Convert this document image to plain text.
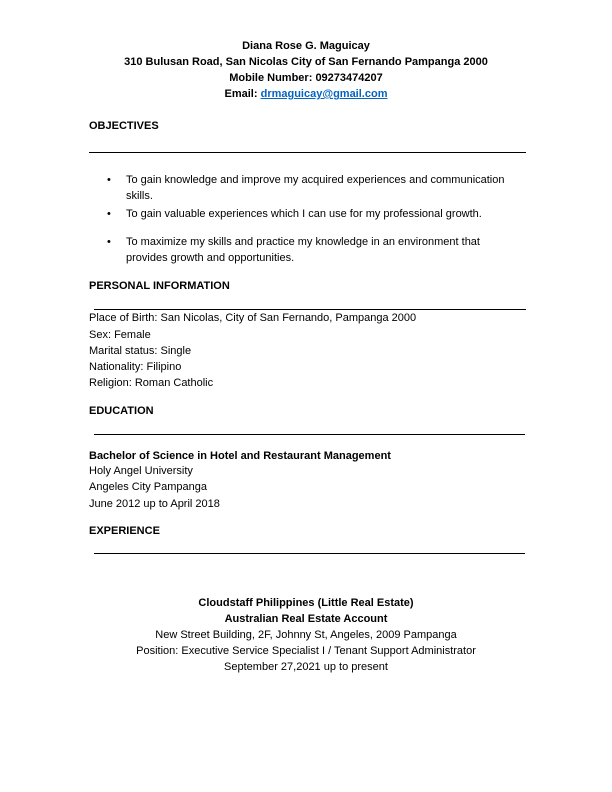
Diana Rose G. Maguicay
310 Bulusan Road, San Nicolas City of San Fernando Pampanga 2000
Mobile Number: 09273474207
Email: drmaguicay@gmail.com
OBJECTIVES
• To gain knowledge and improve my acquired experiences and communication
skills.
• To gain valuable experiences which I can use for my professional growth.
• To maximize my skills and practice my knowledge in an environment that
provides growth and opportunities.
PERSONAL INFORMATION
Place of Birth: San Nicolas, City of San Fernando, Pampanga 2000
Sex: Female
Marital status: Single
Nationality: Filipino
Religion: Roman Catholic
EDUCATION
Bachelor of Science in Hotel and Restaurant Management
Holy Angel University
Angeles City Pampanga
June 2012 up to April 2018
EXPERIENCE
Cloudstaff Philippines (Little Real Estate)
Australian Real Estate Account
New Street Building, 2F, Johnny St, Angeles, 2009 Pampanga
Position: Executive Service Specialist I / Tenant Support Administrator
September 27,2021 up to present
